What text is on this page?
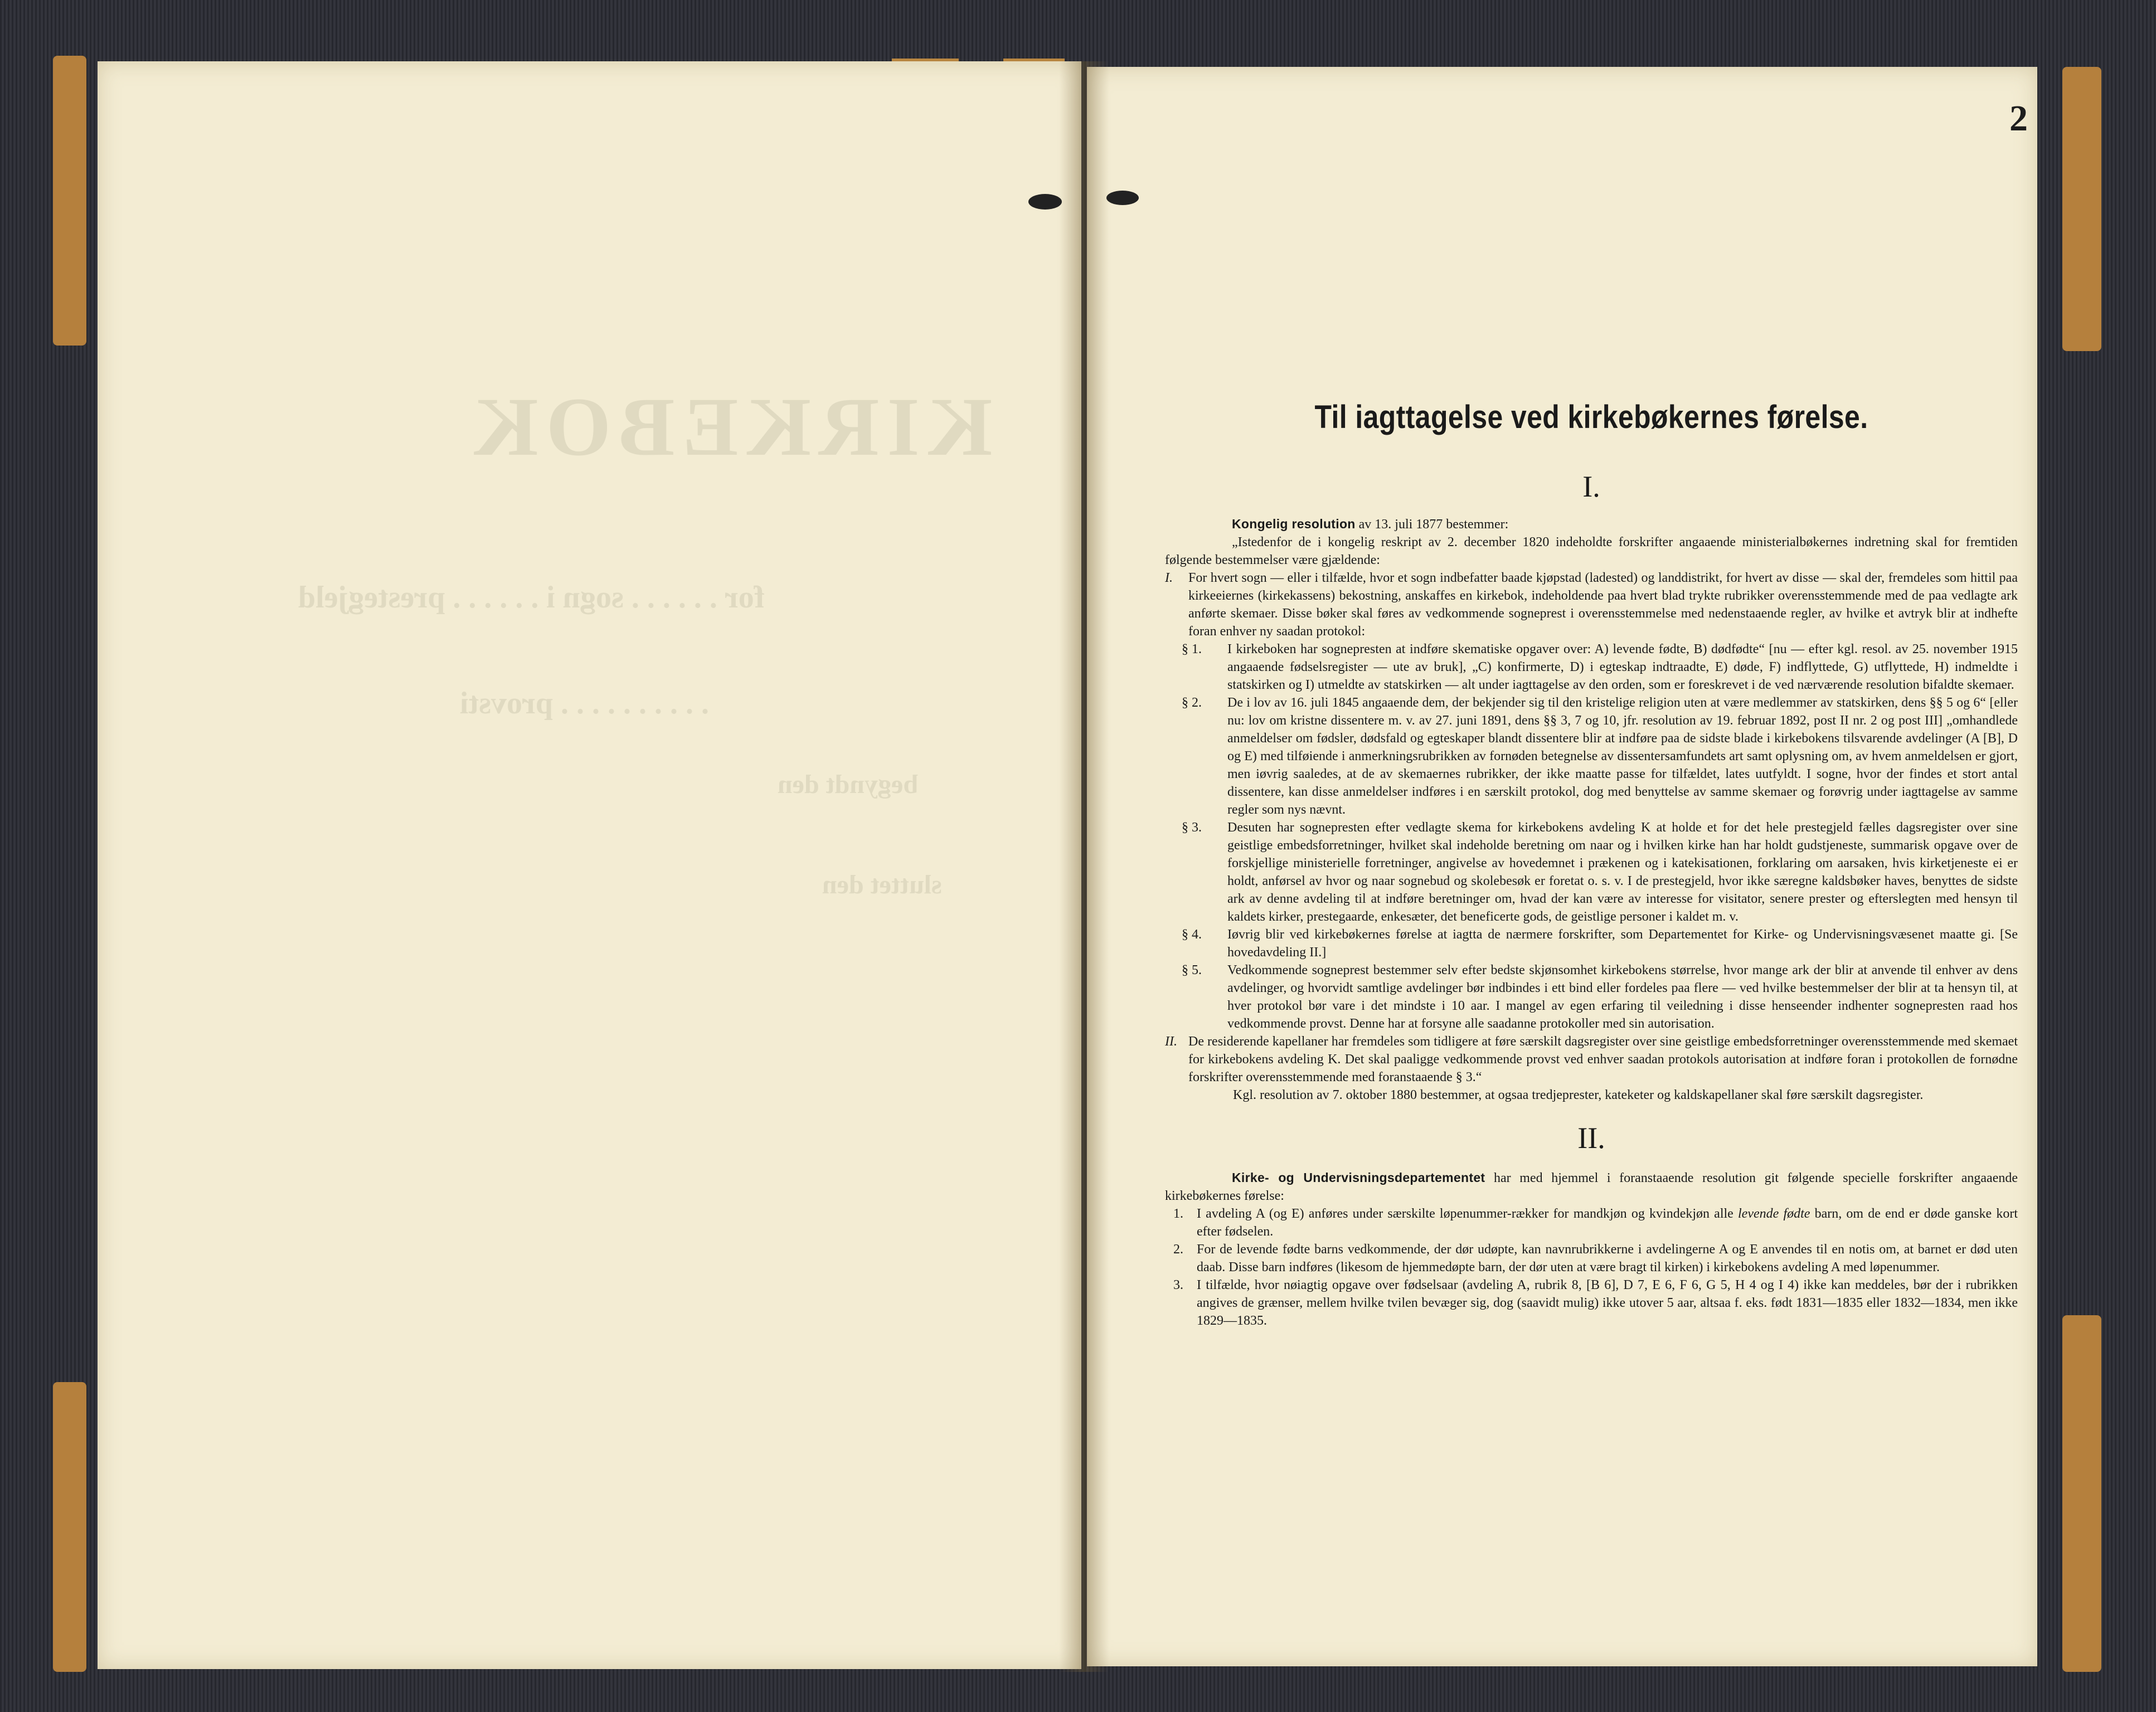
KIRKEBOK
for . . . . . . sogn i . . . . . . prestegjeld
. . . . . . . . . . provsti
begyndt den
sluttet den
2
Til iagttagelse ved kirkebøkernes førelse.
I.

Kongelig resolution av 13. juli 1877 bestemmer:

„Istedenfor de i kongelig reskript av 2. december 1820 indeholdte forskrifter angaaende ministerialbøkernes indretning skal for fremtiden følgende bestemmelser være gjældende:

I. For hvert sogn — eller i tilfælde, hvor et sogn indbefatter baade kjøpstad (ladested) og landdistrikt, for hvert av disse — skal der, fremdeles som hittil paa kirkeeiernes (kirkekassens) bekostning, anskaffes en kirkebok, indeholdende paa hvert blad trykte rubrikker overensstemmende med de paa vedlagte ark anførte skemaer. Disse bøker skal føres av vedkommende sogneprest i overensstemmelse med nedenstaaende regler, av hvilke et avtryk blir at indhefte foran enhver ny saadan protokol:
§ 1. I kirkeboken har sognepresten at indføre skematiske opgaver over: A) levende fødte, B) dødfødte“ [nu — efter kgl. resol. av 25. november 1915 angaaende fødselsregister — ute av bruk], „C) konfirmerte, D) i egteskap indtraadte, E) døde, F) indflyttede, G) utflyttede, H) indmeldte i statskirken og I) utmeldte av statskirken — alt under iagttagelse av den orden, som er foreskrevet i de ved nærværende resolution bifaldte skemaer.
§ 2. De i lov av 16. juli 1845 angaaende dem, der bekjender sig til den kristelige religion uten at være medlemmer av statskirken, dens §§ 5 og 6“ [eller nu: lov om kristne dissentere m. v. av 27. juni 1891, dens §§ 3, 7 og 10, jfr. resolution av 19. februar 1892, post II nr. 2 og post III] „omhandlede anmeldelser om fødsler, dødsfald og egteskaper blandt dissentere blir at indføre paa de sidste blade i kirkebokens tilsvarende avdelinger (A [B], D og E) med tilføiende i anmerkningsrubrikken av fornøden betegnelse av dissentersamfundets art samt oplysning om, av hvem anmeldelsen er gjort, men iøvrig saaledes, at de av skemaernes rubrikker, der ikke maatte passe for tilfældet, lates uutfyldt. I sogne, hvor der findes et stort antal dissentere, kan disse anmeldelser indføres i en særskilt protokol, dog med benyttelse av samme skemaer og forøvrig under iagttagelse av samme regler som nys nævnt.
§ 3. Desuten har sognepresten efter vedlagte skema for kirkebokens avdeling K at holde et for det hele prestegjeld fælles dagsregister over sine geistlige embedsforretninger, hvilket skal indeholde beretning om naar og i hvilken kirke han har holdt gudstjeneste, summarisk opgave over de forskjellige ministerielle forretninger, angivelse av hovedemnet i prækenen og i katekisationen, forklaring om aarsaken, hvis kirketjeneste ei er holdt, anførsel av hvor og naar sognebud og skolebesøk er foretat o. s. v. I de prestegjeld, hvor ikke særegne kaldsbøker haves, benyttes de sidste ark av denne avdeling til at indføre beretninger om, hvad der kan være av interesse for visitator, senere prester og efterslegten med hensyn til kaldets kirker, prestegaarde, enkesæter, det beneficerte gods, de geistlige personer i kaldet m. v.
§ 4. Iøvrig blir ved kirkebøkernes førelse at iagtta de nærmere forskrifter, som Departementet for Kirke- og Undervisningsvæsenet maatte gi. [Se hovedavdeling II.]
§ 5. Vedkommende sogneprest bestemmer selv efter bedste skjønsomhet kirkebokens størrelse, hvor mange ark der blir at anvende til enhver av dens avdelinger, og hvorvidt samtlige avdelinger bør indbindes i ett bind eller fordeles paa flere — ved hvilke bestemmelser der blir at ta hensyn til, at hver protokol bør vare i det mindste i 10 aar. I mangel av egen erfaring til veiledning i disse henseender indhenter sognepresten raad hos vedkommende provst. Denne har at forsyne alle saadanne protokoller med sin autorisation.
II. De residerende kapellaner har fremdeles som tidligere at føre særskilt dagsregister over sine geistlige embedsforretninger overensstemmende med skemaet for kirkebokens avdeling K. Det skal paaligge vedkommende provst ved enhver saadan protokols autorisation at indføre foran i protokollen de fornødne forskrifter overensstemmende med foranstaaende § 3.“

Kgl. resolution av 7. oktober 1880 bestemmer, at ogsaa tredjeprester, kateketer og kaldskapellaner skal føre særskilt dagsregister.

II.

Kirke- og Undervisningsdepartementet har med hjemmel i foranstaaende resolution git følgende specielle forskrifter angaaende kirkebøkernes førelse:

1. I avdeling A (og E) anføres under særskilte løpenummer-rækker for mandkjøn og kvindekjøn alle levende fødte barn, om de end er døde ganske kort efter fødselen.
2. For de levende fødte barns vedkommende, der dør udøpte, kan navnrubrikkerne i avdelingerne A og E anvendes til en notis om, at barnet er død uten daab. Disse barn indføres (likesom de hjemmedøpte barn, der dør uten at være bragt til kirken) i kirkebokens avdeling A med løpenummer.
3. I tilfælde, hvor nøiagtig opgave over fødselsaar (avdeling A, rubrik 8, [B 6], D 7, E 6, F 6, G 5, H 4 og I 4) ikke kan meddeles, bør der i rubrikken angives de grænser, mellem hvilke tvilen bevæger sig, dog (saavidt mulig) ikke utover 5 aar, altsaa f. eks. født 1831—1835 eller 1832—1834, men ikke 1829—1835.
